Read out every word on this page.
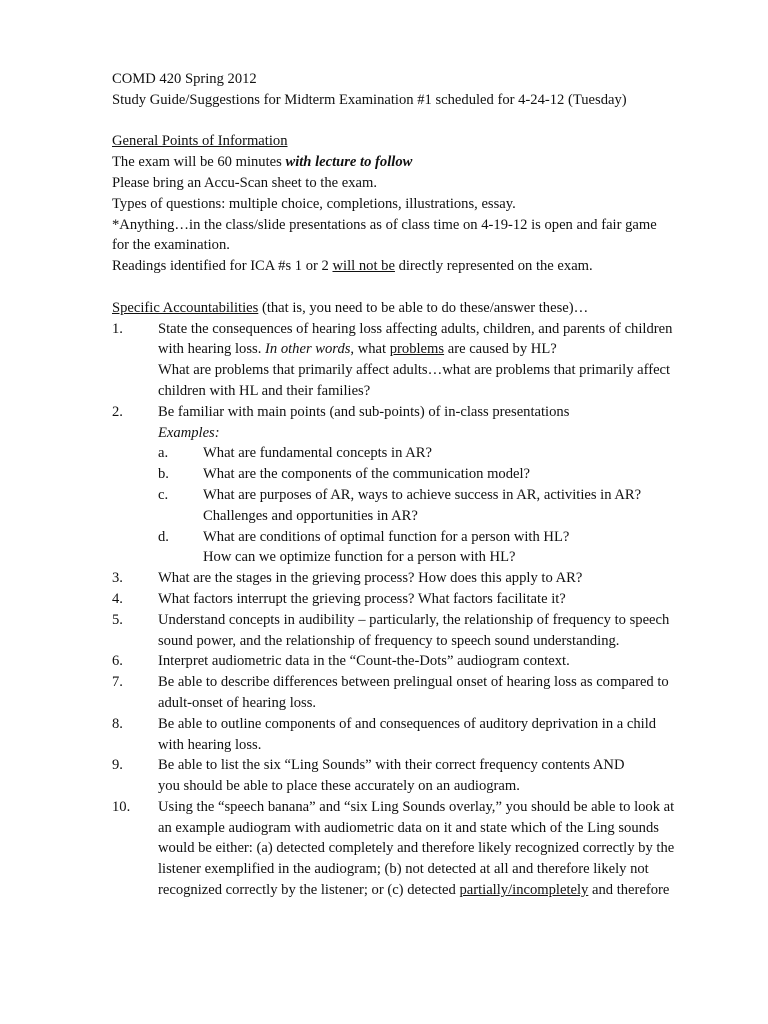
COMD 420 Spring 2012
Study Guide/Suggestions for Midterm Examination #1 scheduled for 4-24-12 (Tuesday)
General Points of Information
The exam will be 60 minutes with lecture to follow
Please bring an Accu-Scan sheet to the exam.
Types of questions: multiple choice, completions, illustrations, essay.
*Anything…in the class/slide presentations as of class time on 4-19-12 is open and fair game
for the examination.
Readings identified for ICA #s 1 or 2 will not be directly represented on the exam.
Specific Accountabilities (that is, you need to be able to do these/answer these)…
1. State the consequences of hearing loss affecting adults, children, and parents of children
with hearing loss. In other words, what problems are caused by HL?
What are problems that primarily affect adults…what are problems that primarily affect
children with HL and their families?
2. Be familiar with main points (and sub-points) of in-class presentations
Examples:
a. What are fundamental concepts in AR?
b. What are the components of the communication model?
c. What are purposes of AR, ways to achieve success in AR, activities in AR?
Challenges and opportunities in AR?
d. What are conditions of optimal function for a person with HL?
How can we optimize function for a person with HL?
3. What are the stages in the grieving process? How does this apply to AR?
4. What factors interrupt the grieving process? What factors facilitate it?
5. Understand concepts in audibility – particularly, the relationship of frequency to speech
sound power, and the relationship of frequency to speech sound understanding.
6. Interpret audiometric data in the “Count-the-Dots” audiogram context.
7. Be able to describe differences between prelingual onset of hearing loss as compared to
adult-onset of hearing loss.
8. Be able to outline components of and consequences of auditory deprivation in a child
with hearing loss.
9. Be able to list the six “Ling Sounds” with their correct frequency contents AND
you should be able to place these accurately on an audiogram.
10. Using the “speech banana” and “six Ling Sounds overlay,” you should be able to look at
an example audiogram with audiometric data on it and state which of the Ling sounds
would be either: (a) detected completely and therefore likely recognized correctly by the
listener exemplified in the audiogram; (b) not detected at all and therefore likely not
recognized correctly by the listener; or (c) detected partially/incompletely and therefore
